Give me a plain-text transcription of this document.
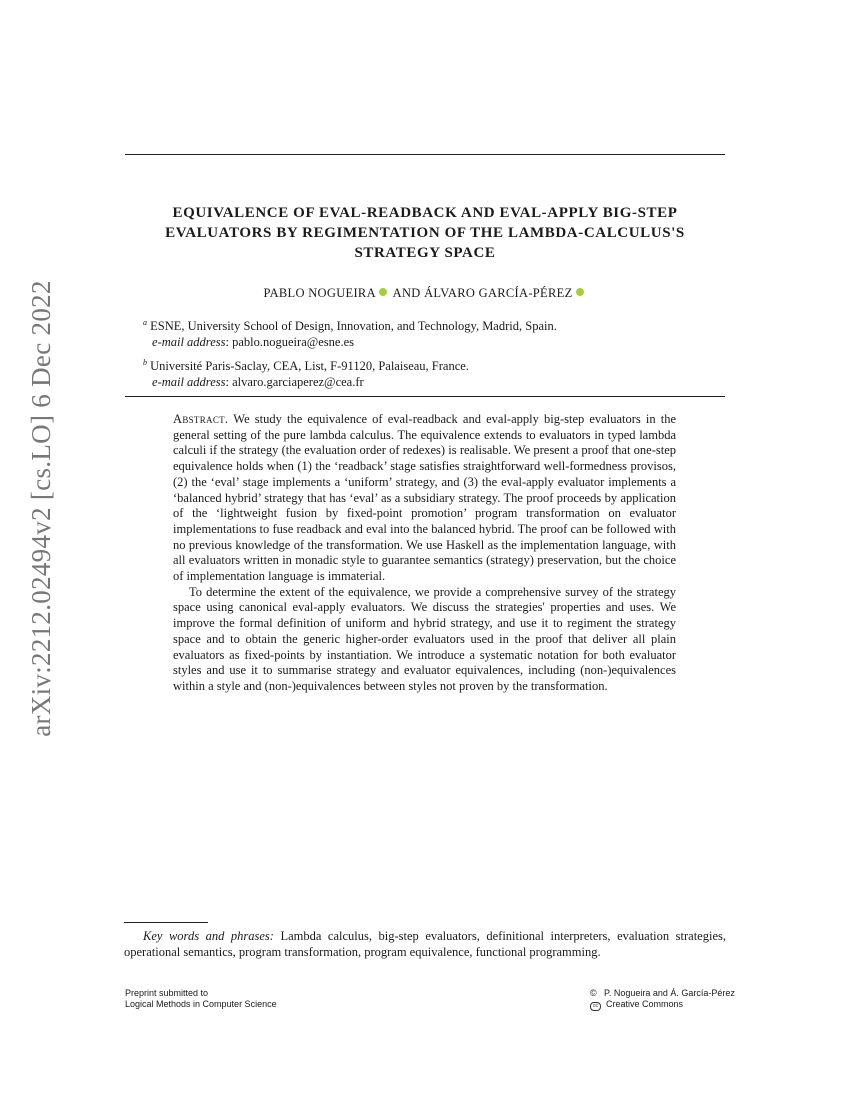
arXiv:2212.02494v2 [cs.LO] 6 Dec 2022
EQUIVALENCE OF EVAL-READBACK AND EVAL-APPLY BIG-STEP
EVALUATORS BY REGIMENTATION OF THE LAMBDA-CALCULUS'S
STRATEGY SPACE
PABLO NOGUEIRA AND ÁLVARO GARCÍA-PÉREZ
$^a$ ESNE, University School of Design, Innovation, and Technology, Madrid, Spain.
e-mail address: pablo.nogueira@esne.es
$^b$ Université Paris-Saclay, CEA, List, F-91120, Palaiseau, France.
e-mail address: alvaro.garciaperez@cea.fr

Abstract. We study the equivalence of eval-readback and eval-apply big-step evaluators in the general setting of the pure lambda calculus. The equivalence extends to evaluators in typed lambda calculi if the strategy (the evaluation order of redexes) is realisable. We present a proof that one-step equivalence holds when (1) the ‘readback’ stage satisfies straightforward well-formedness provisos, (2) the ‘eval’ stage implements a ‘uniform’ strategy, and (3) the eval-apply evaluator implements a ‘balanced hybrid’ strategy that has ‘eval’ as a subsidiary strategy. The proof proceeds by application of the ‘lightweight fusion by fixed-point promotion’ program transformation on evaluator implementations to fuse readback and eval into the balanced hybrid. The proof can be followed with no previous knowledge of the transformation. We use Haskell as the implementation language, with all evaluators written in monadic style to guarantee semantics (strategy) preservation, but the choice of implementation language is immaterial.

To determine the extent of the equivalence, we provide a comprehensive survey of the strategy space using canonical eval-apply evaluators. We discuss the strategies' properties and uses. We improve the formal definition of uniform and hybrid strategy, and use it to regiment the strategy space and to obtain the generic higher-order evaluators used in the proof that deliver all plain evaluators as fixed-points by instantiation. We introduce a systematic notation for both evaluator styles and use it to summarise strategy and evaluator equivalences, including (non-)equivalences within a style and (non-)equivalences between styles not proven by the transformation.

Key words and phrases: Lambda calculus, big-step evaluators, definitional interpreters, evaluation strategies, operational semantics, program transformation, program equivalence, functional programming.
Preprint submitted to
Logical Methods in Computer Science
© P. Nogueira and Á. García-Pérez
cc Creative Commons
